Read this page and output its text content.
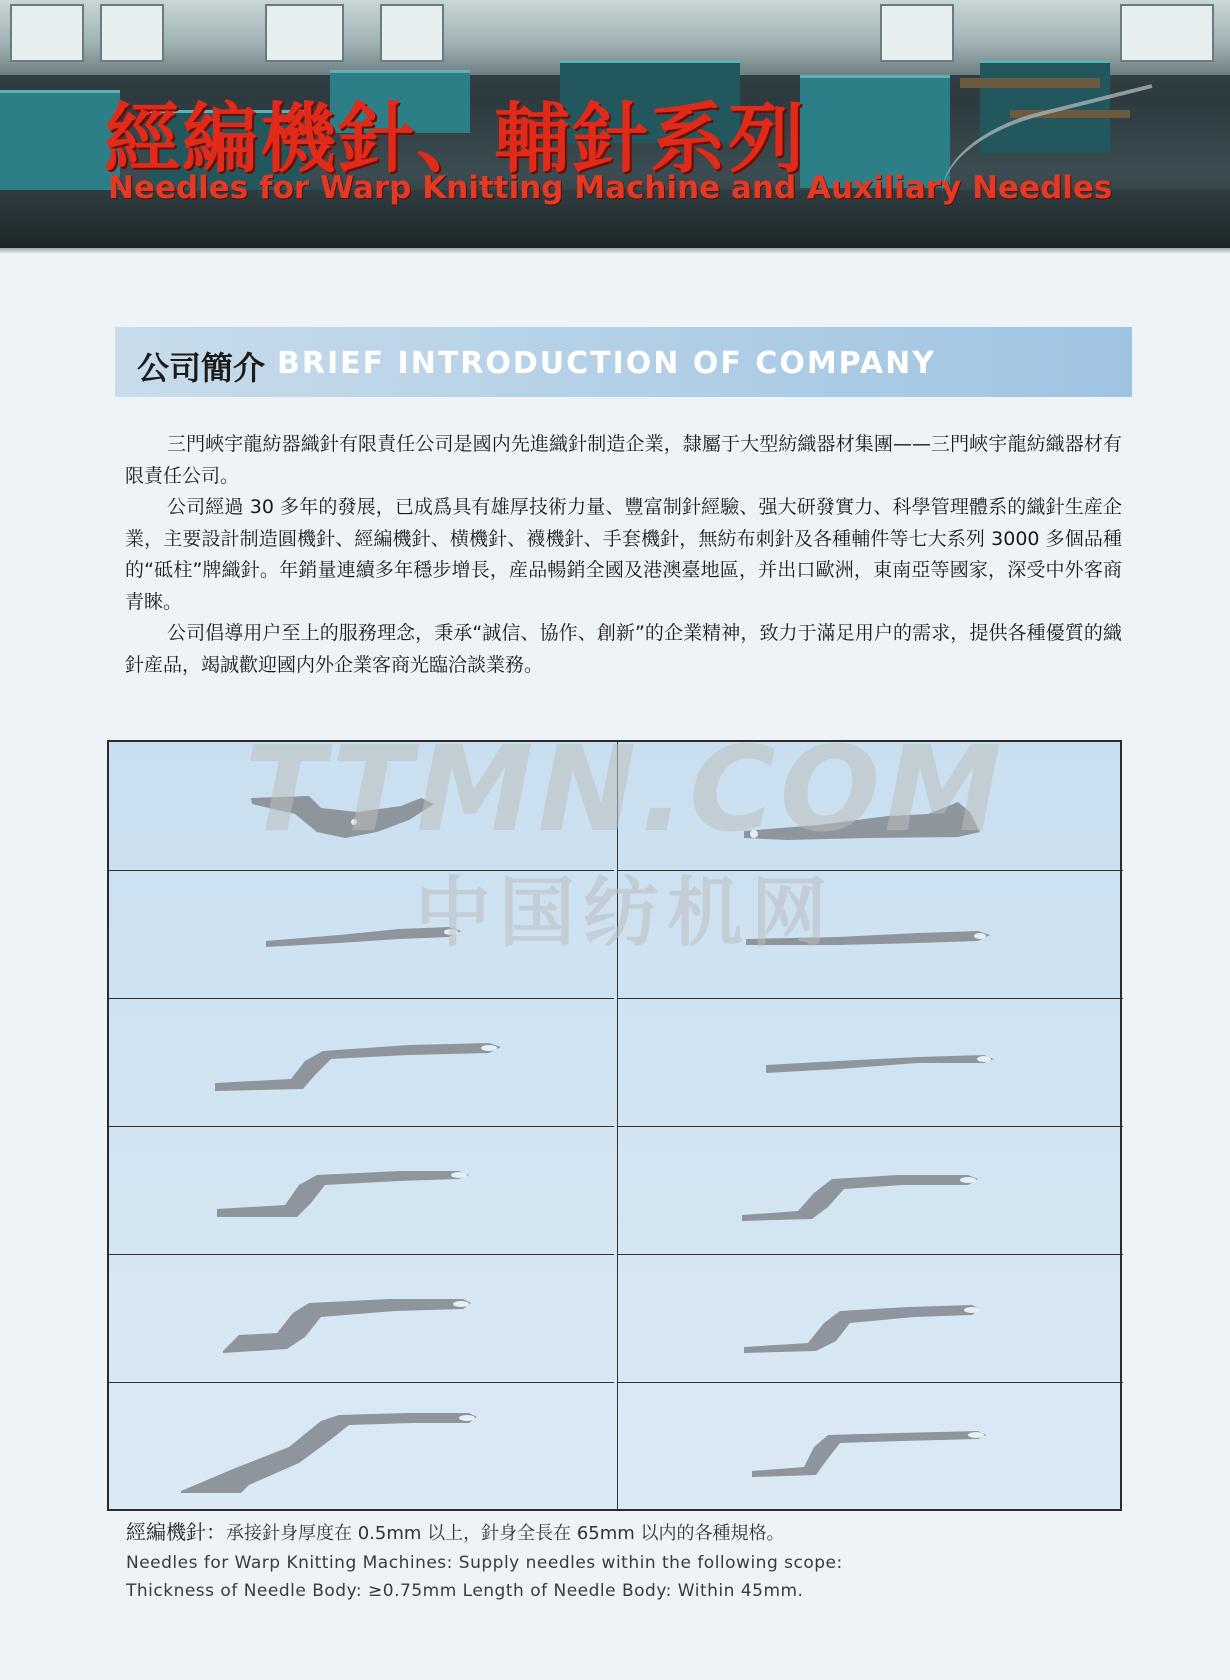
經編機針、輔針系列
Needles for Warp Knitting Machine and Auxiliary Needles
公司簡介 BRIEF INTRODUCTION OF COMPANY

三門峽宇龍紡器織針有限責任公司是國内先進織針制造企業，隸屬于大型紡織器材集團——三門峽宇龍紡織器材有限責任公司。

公司經過 30 多年的發展，已成爲具有雄厚技術力量、豐富制針經驗、强大研發實力、科學管理體系的織針生産企業，主要設計制造圓機針、經編機針、横機針、襪機針、手套機針，無紡布刺針及各種輔件等七大系列 3000 多個品種的“砥柱”牌織針。年銷量連續多年穩步增長，産品暢銷全國及港澳臺地區，并出口歐洲，東南亞等國家，深受中外客商青睞。

公司倡導用户至上的服務理念，秉承“誠信、協作、創新”的企業精神，致力于滿足用户的需求，提供各種優質的織針産品，竭誠歡迎國内外企業客商光臨洽談業務。

TTMN.COM
中国纺机网
經編機針：承接針身厚度在 0.5mm 以上，針身全長在 65mm 以内的各種規格。
Needles for Warp Knitting Machines: Supply needles within the following scope:
Thickness of Needle Body: ≥0.75mm Length of Needle Body: Within 45mm.
